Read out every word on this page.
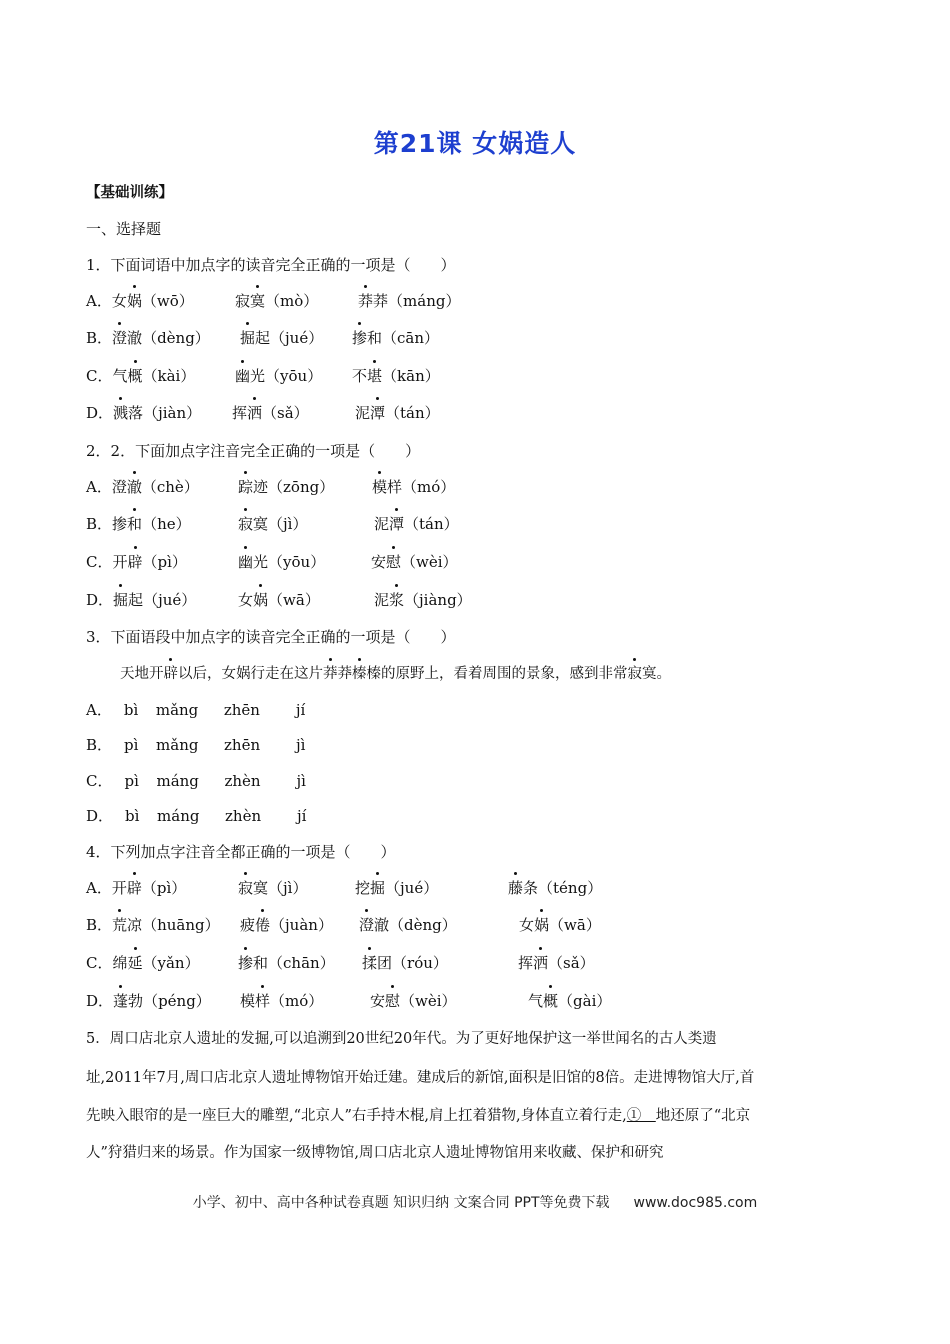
第21课 女娲造人
【基础训练】
一、选择题
1．下面词语中加点字的读音完全正确的一项是（　　）
A．女娲（wō）	寂寞（mò）	莽莽（máng）
B．澄澈（dèng） 掘起（jué） 掺和（cān）
C．气概（kài）	幽光（yōu） 不堪（kān）
D．溅落（jiàn） 挥洒（sǎ）	泥潭（tán）
2．2．下面加点字注音完全正确的一项是（　　）
A．澄澈（chè）	踪迹（zōng）	模样（mó）
B．掺和（he）	寂寞（jì）	泥潭（tán）
C．开辟（pì）	幽光（yōu）	安慰（wèi）
D．掘起（jué）	女娲（wā）	泥浆（jiàng）
3．下面语段中加点字的读音完全正确的一项是（　　）
天地开辟以后，女娲行走在这片莽莽榛榛的原野上，看着周围的景象，感到非常寂寞。
A． bì mǎng zhēn jí
B． pì mǎng zhēn jì
C． pì máng zhèn jì
D． bì máng zhèn jí
4．下列加点字注音全都正确的一项是（　　）
A．开辟（pì）	寂寞（jì）	挖掘（jué）	藤条（téng）
B．荒凉（huāng） 疲倦（juàn） 澄澈（dèng）	女娲（wā）
C．绵延（yǎn）	掺和（chān） 揉团（róu）	挥洒（sǎ）
D．蓬勃（péng） 模样（mó）	安慰（wèi）	气概（gài）
5．周口店北京人遗址的发掘,可以追溯到20世纪20年代。为了更好地保护这一举世闻名的古人类遗
址,2011年7月,周口店北京人遗址博物馆开始迁建。建成后的新馆,面积是旧馆的8倍。走进博物馆大厅,首
先映入眼帘的是一座巨大的雕塑,“北京人”右手持木棍,肩上扛着猎物,身体直立着行走,①　地还原了“北京
人”狩猎归来的场景。作为国家一级博物馆,周口店北京人遗址博物馆用来收藏、保护和研究
小学、初中、高中各种试卷真题 知识归纳 文案合同 PPT等免费下载 www.doc985.com
